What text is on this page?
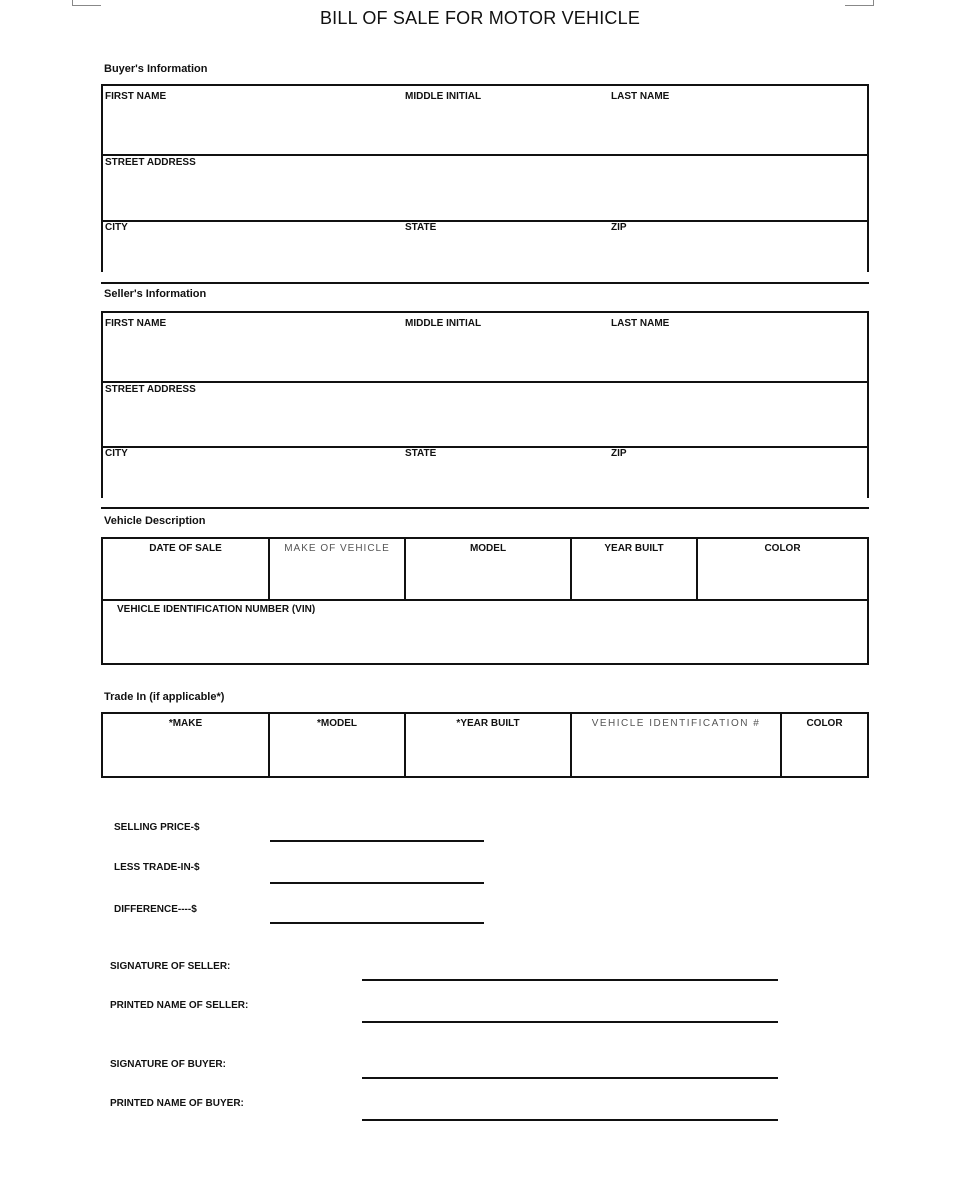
BILL OF SALE FOR MOTOR VEHICLE
Buyer's Information
FIRST NAME	MIDDLE INITIAL	LAST NAME
STREET ADDRESS
CITY	STATE	ZIP
Seller's Information
FIRST NAME	MIDDLE INITIAL	LAST NAME
STREET ADDRESS
CITY	STATE	ZIP
Vehicle Description
DATE OF SALE	MAKE OF VEHICLE	MODEL	YEAR BUILT	COLOR
VEHICLE IDENTIFICATION NUMBER (VIN)
Trade In (if applicable*)
*MAKE	*MODEL	*YEAR BUILT	VEHICLE IDENTIFICATION #	COLOR
SELLING PRICE-$
LESS TRADE-IN-$
DIFFERENCE----$
SIGNATURE OF SELLER:
PRINTED NAME OF SELLER:
SIGNATURE OF BUYER:
PRINTED NAME OF BUYER:
